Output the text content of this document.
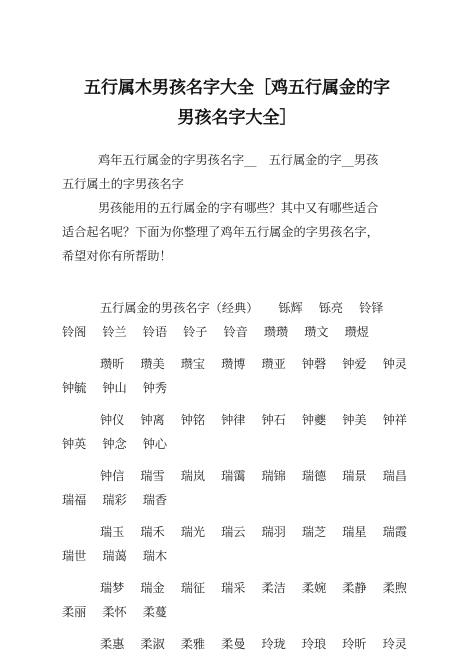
五行属木男孩名字大全［鸡五行属金的字
男孩名字大全］
鸡年五行属金的字男孩名字__　五行属金的字__男孩
五行属土的字男孩名字
男孩能用的五行属金的字有哪些？其中又有哪些适合
适合起名呢？下面为你整理了鸡年五行属金的字男孩名字，
希望对你有所帮助！
五行属金的男孩名字（经典） 铄辉 铄亮 铃铎
铃阁 铃兰 铃语 铃子 铃音 瓒瓒 瓒文 瓒煜
瓒昕 瓒美 瓒宝 瓒博 瓒亚 钟磬 钟爱 钟灵
钟毓 钟山 钟秀
钟仪 钟离 钟铭 钟律 钟石 钟夔 钟美 钟祥
钟英 钟念 钟心
钟信 瑞雪 瑞岚 瑞霭 瑞锦 瑞德 瑞景 瑞昌
瑞福 瑞彩 瑞香
瑞玉 瑞禾 瑞光 瑞云 瑞羽 瑞芝 瑞星 瑞霞
瑞世 瑞蔼 瑞木
瑞梦 瑞金 瑞征 瑞采 柔洁 柔婉 柔静 柔煦
柔丽 柔怀 柔蔓
柔惠 柔淑 柔雅 柔曼 玲珑 玲琅 玲昕 玲灵
